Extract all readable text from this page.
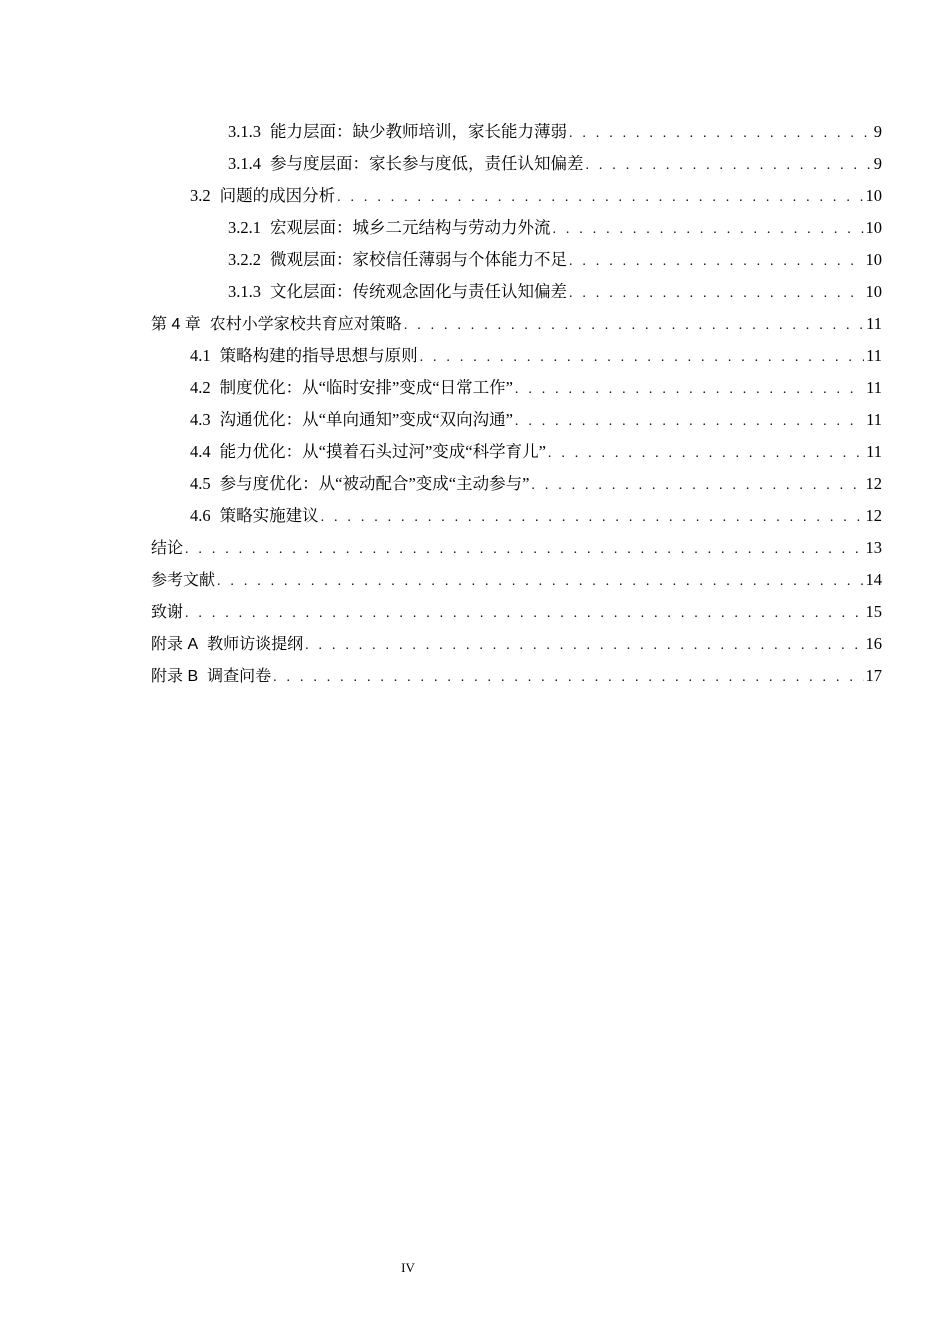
3.1.3 能力层面：缺少教师培训，家长能力薄弱 . . .	9
3.1.4 参与度层面：家长参与度低，责任认知偏差 . . .	9
3.2 问题的成因分析 . . .	10
3.2.1 宏观层面：城乡二元结构与劳动力外流 . . .	10
3.2.2 微观层面：家校信任薄弱与个体能力不足 . . .	10
3.1.3 文化层面：传统观念固化与责任认知偏差 . . .	10
第 4 章 农村小学家校共育应对策略 . . .	11
4.1 策略构建的指导思想与原则 . . .	11
4.2 制度优化：从“临时安排”变成“日常工作” . . .	11
4.3 沟通优化：从“单向通知”变成“双向沟通” . . .	11
4.4 能力优化：从“摸着石头过河”变成“科学育儿” . . .	11
4.5 参与度优化：从“被动配合”变成“主动参与” . . .	12
4.6 策略实施建议 . . .	12
结论 . . .	13
参考文献 . . .	14
致谢 . . .	15
附录 A 教师访谈提纲 . . .	16
附录 B 调查问卷 . . .	17
IV
